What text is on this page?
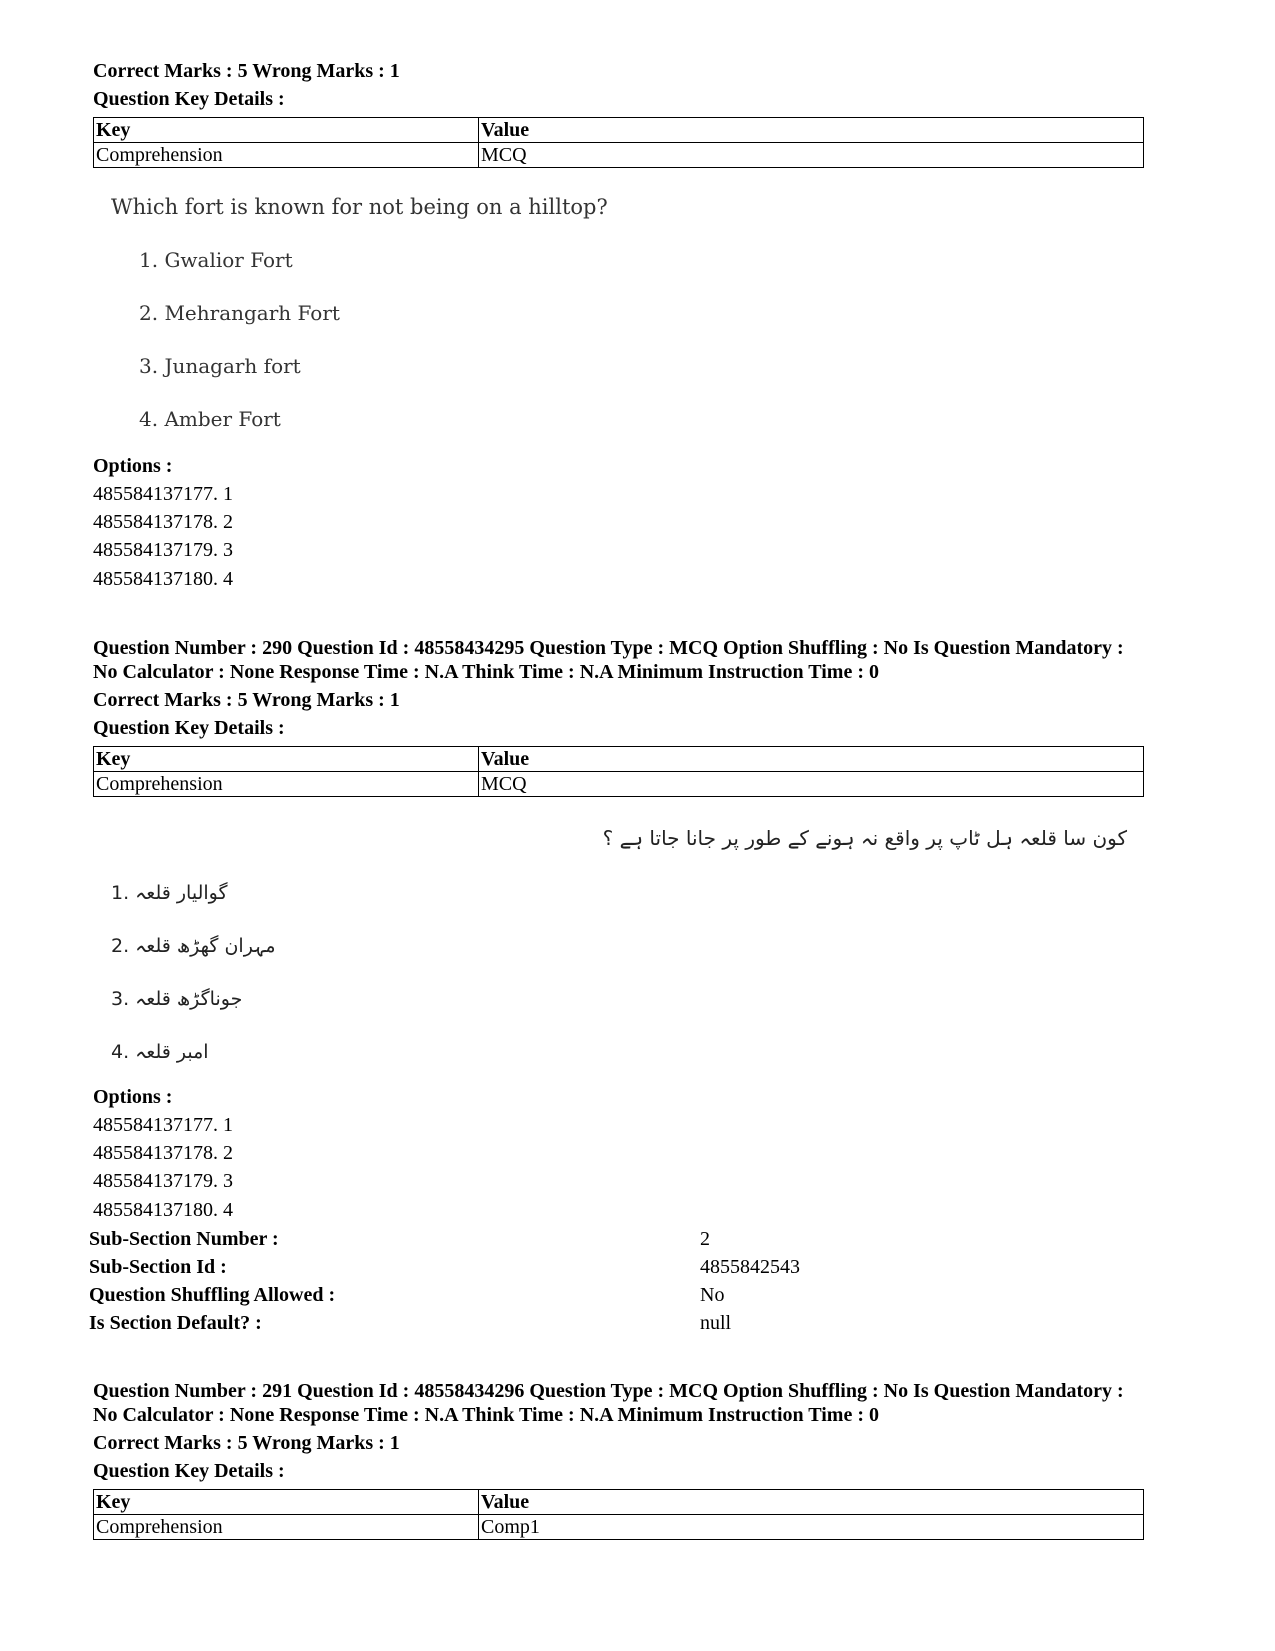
Correct Marks : 5 Wrong Marks : 1
Question Key Details :
Key	Value
Comprehension	MCQ
Which fort is known for not being on a hilltop?
1. Gwalior Fort
2. Mehrangarh Fort
3. Junagarh fort
4. Amber Fort
Options :
485584137177. 1
485584137178. 2
485584137179. 3
485584137180. 4
Question Number : 290 Question Id : 48558434295 Question Type : MCQ Option Shuffling : No Is Question Mandatory :
No Calculator : None Response Time : N.A Think Time : N.A Minimum Instruction Time : 0
Correct Marks : 5 Wrong Marks : 1
Question Key Details :
Key	Value
Comprehension	MCQ
کون سا قلعہ ہل ٹاپ پر واقع نہ ہونے کے طور پر جانا جاتا ہے ؟
گوالیار قلعہ .1
مہران گھڑھ قلعہ .2
جوناگڑھ قلعہ .3
امبر قلعہ .4
Options :
485584137177. 1
485584137178. 2
485584137179. 3
485584137180. 4
Sub-Section Number :	2
Sub-Section Id :	4855842543
Question Shuffling Allowed :	No
Is Section Default? :	null
Question Number : 291 Question Id : 48558434296 Question Type : MCQ Option Shuffling : No Is Question Mandatory :
No Calculator : None Response Time : N.A Think Time : N.A Minimum Instruction Time : 0
Correct Marks : 5 Wrong Marks : 1
Question Key Details :
Key	Value
Comprehension	Comp1
